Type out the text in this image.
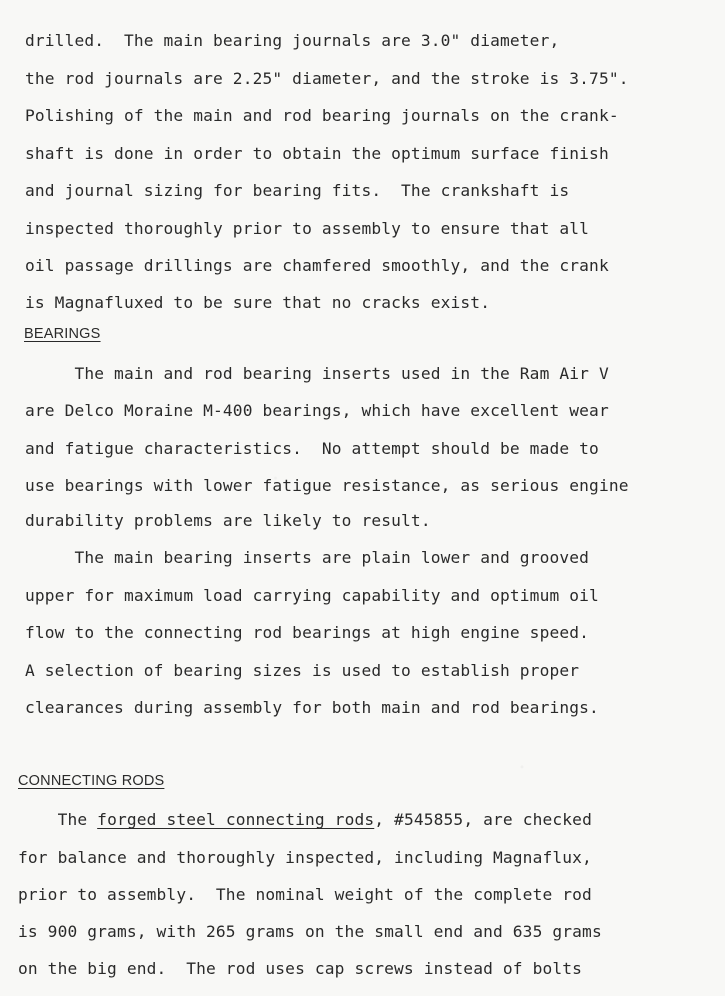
drilled.  The main bearing journals are 3.0" diameter,
the rod journals are 2.25" diameter, and the stroke is 3.75".
Polishing of the main and rod bearing journals on the crank-
shaft is done in order to obtain the optimum surface finish
and journal sizing for bearing fits.  The crankshaft is
inspected thoroughly prior to assembly to ensure that all
oil passage drillings are chamfered smoothly, and the crank
is Magnafluxed to be sure that no cracks exist.
BEARINGS
The main and rod bearing inserts used in the Ram Air V
are Delco Moraine M-400 bearings, which have excellent wear
and fatigue characteristics.  No attempt should be made to
use bearings with lower fatigue resistance, as serious engine
durability problems are likely to result.
The main bearing inserts are plain lower and grooved
upper for maximum load carrying capability and optimum oil
flow to the connecting rod bearings at high engine speed.
A selection of bearing sizes is used to establish proper
clearances during assembly for both main and rod bearings.
CONNECTING RODS
The forged steel connecting rods, #545855, are checked
for balance and thoroughly inspected, including Magnaflux,
prior to assembly.  The nominal weight of the complete rod
is 900 grams, with 265 grams on the small end and 635 grams
on the big end.  The rod uses cap screws instead of bolts
